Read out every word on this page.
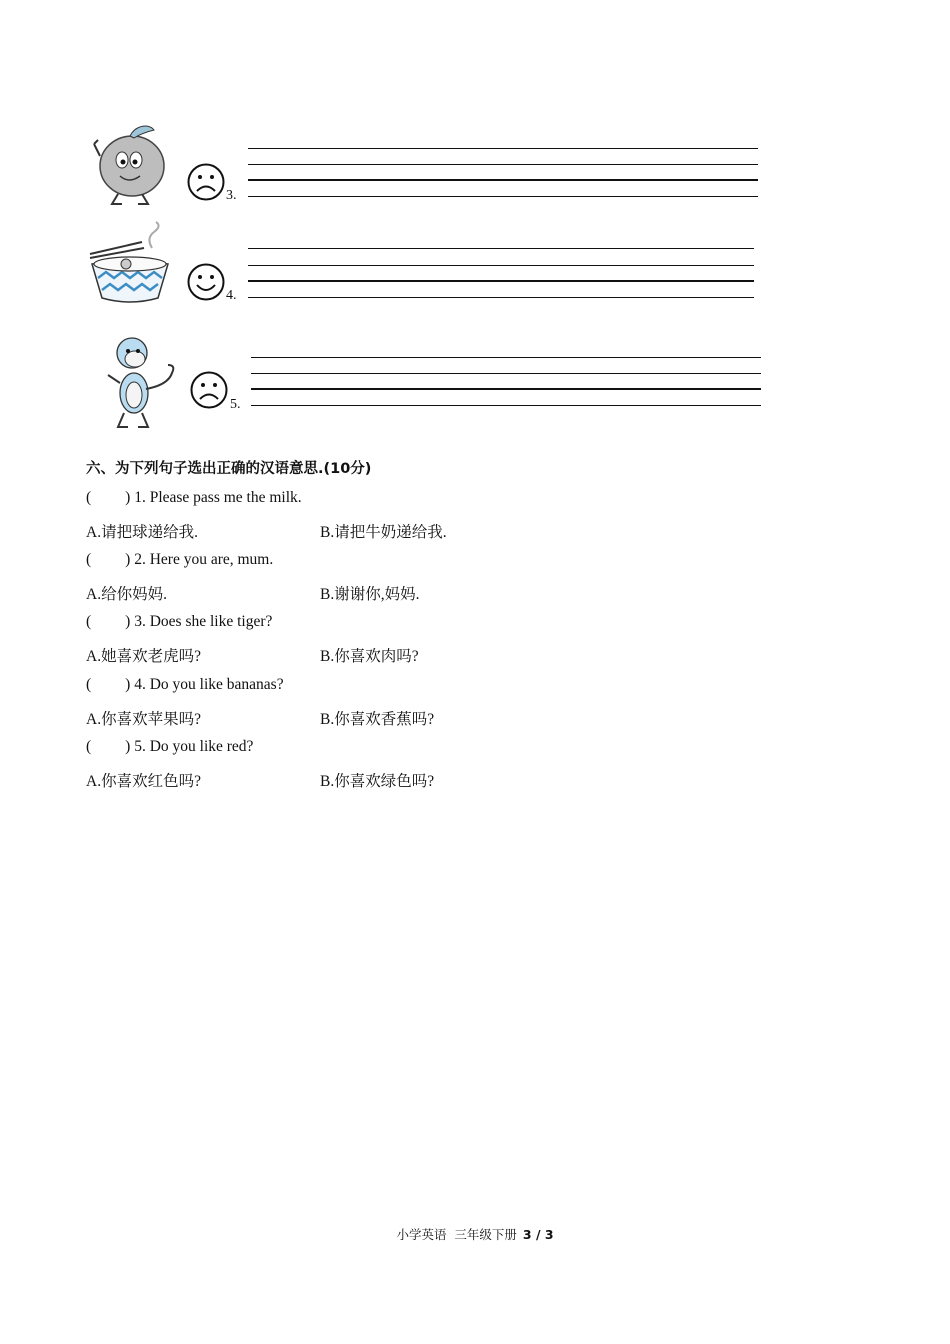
3.
4.
5.
六、为下列句子选出正确的汉语意思.(10分)
( ) 1. Please pass me the milk.
A.请把球递给我.	B.请把牛奶递给我.
( ) 2. Here you are, mum.
A.给你妈妈.	B.谢谢你,妈妈.
( ) 3. Does she like tiger?
A.她喜欢老虎吗?	B.你喜欢肉吗?
( ) 4. Do you like bananas?
A.你喜欢苹果吗?	B.你喜欢香蕉吗?
( ) 5. Do you like red?
A.你喜欢红色吗?	B.你喜欢绿色吗?
小学英语  三年级下册 3 / 3
